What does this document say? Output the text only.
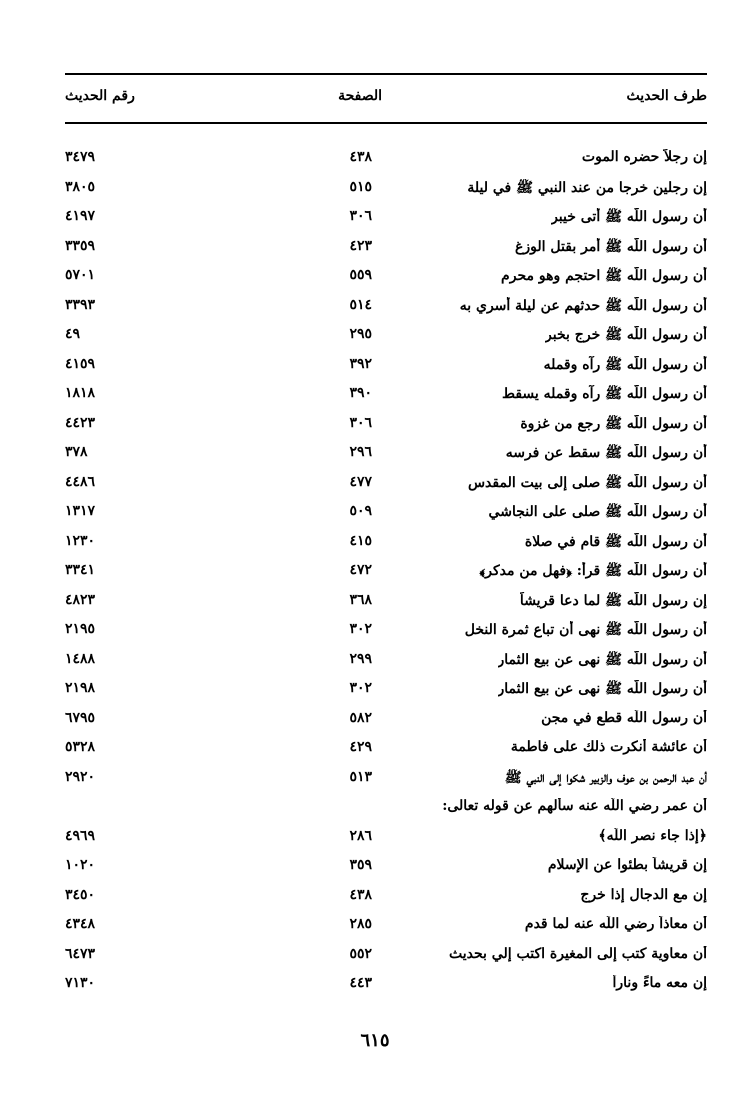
طرف الحديث
الصفحة
رقم الحديث
إن رجلاً حضره الموت
٤٣٨
٣٤٧٩
إن رجلين خرجا من عند النبي ﷺ في ليلة
٥١٥
٣٨٠٥
أن رسول اللّه ﷺ أتى خيبر
٣٠٦
٤١٩٧
أن رسول اللّه ﷺ أمر بقتل الوزغ
٤٢٣
٣٣٥٩
أن رسول اللّه ﷺ احتجم وهو محرم
٥٥٩
٥٧٠١
أن رسول اللّه ﷺ حدثهم عن ليلة أسري به
٥١٤
٣٣٩٣
أن رسول اللّه ﷺ خرج بخبر
٢٩٥
٤٩
أن رسول اللّه ﷺ رآه وقمله
٣٩٢
٤١٥٩
أن رسول اللّه ﷺ رآه وقمله يسقط
٣٩٠
١٨١٨
أن رسول اللّه ﷺ رجع من غزوة
٣٠٦
٤٤٢٣
أن رسول اللّه ﷺ سقط عن فرسه
٢٩٦
٣٧٨
أن رسول اللّه ﷺ صلى إلى بيت المقدس
٤٧٧
٤٤٨٦
أن رسول اللّه ﷺ صلى على النجاشي
٥٠٩
١٣١٧
أن رسول اللّه ﷺ قام في صلاة
٤١٥
١٢٣٠
أن رسول اللّه ﷺ قرأ: ﴿فهل من مدكر﴾
٤٧٢
٣٣٤١
إن رسول اللّه ﷺ لما دعا قريشاً
٣٦٨
٤٨٢٣
أن رسول اللّه ﷺ نهى أن تباع ثمرة النخل
٣٠٢
٢١٩٥
أن رسول اللّه ﷺ نهى عن بيع الثمار
٢٩٩
١٤٨٨
أن رسول اللّه ﷺ نهى عن بيع الثمار
٣٠٢
٢١٩٨
أن رسول اللّه قطع في مجن
٥٨٢
٦٧٩٥
أن عائشة أنكرت ذلك على فاطمة
٤٢٩
٥٣٢٨
أن عبد الرحمن بن عوف والزبير شكوا إلى النبي ﷺ
٥١٣
٢٩٢٠
أن عمر رضي اللّه عنه سألهم عن قوله تعالى:
﴿إذا جاء نصر اللّه﴾
٢٨٦
٤٩٦٩
إن قريشاً بطئوا عن الإسلام
٣٥٩
١٠٢٠
إن مع الدجال إذا خرج
٤٣٨
٣٤٥٠
أن معاذاً رضي اللّه عنه لما قدم
٢٨٥
٤٣٤٨
أن معاوية كتب إلى المغيرة اكتب إلي بحديث
٥٥٢
٦٤٧٣
إن معه ماءً وناراً
٤٤٣
٧١٣٠
٦١٥
